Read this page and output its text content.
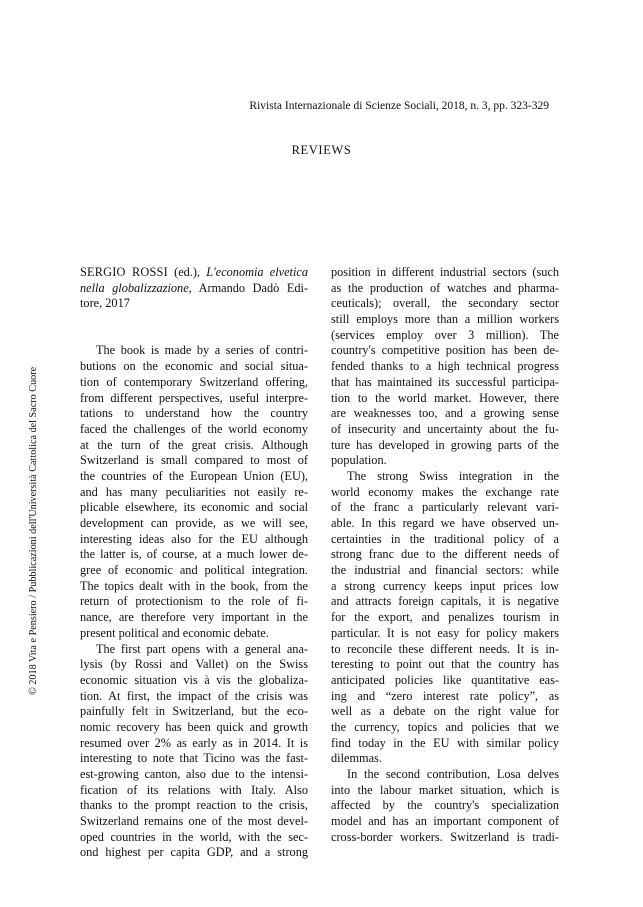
Rivista Internazionale di Scienze Sociali, 2018, n. 3, pp. 323-329
REVIEWS
© 2018 Vita e Pensiero / Pubblicazioni dell'Università Cattolica del Sacro Cuore
SERGIO ROSSI (ed.), L'economia elvetica
nella globalizzazione, Armando Dadò Edi-
tore, 2017
The book is made by a series of contri-
butions on the economic and social situa-
tion of contemporary Switzerland offering,
from different perspectives, useful interpre-
tations to understand how the country
faced the challenges of the world economy
at the turn of the great crisis. Although
Switzerland is small compared to most of
the countries of the European Union (EU),
and has many peculiarities not easily re-
plicable elsewhere, its economic and social
development can provide, as we will see,
interesting ideas also for the EU although
the latter is, of course, at a much lower de-
gree of economic and political integration.
The topics dealt with in the book, from the
return of protectionism to the role of fi-
nance, are therefore very important in the
present political and economic debate.
The first part opens with a general ana-
lysis (by Rossi and Vallet) on the Swiss
economic situation vis à vis the globaliza-
tion. At first, the impact of the crisis was
painfully felt in Switzerland, but the eco-
nomic recovery has been quick and growth
resumed over 2% as early as in 2014. It is
interesting to note that Ticino was the fast-
est-growing canton, also due to the intensi-
fication of its relations with Italy. Also
thanks to the prompt reaction to the crisis,
Switzerland remains one of the most devel-
oped countries in the world, with the sec-
ond highest per capita GDP, and a strong
position in different industrial sectors (such
as the production of watches and pharma-
ceuticals); overall, the secondary sector
still employs more than a million workers
(services employ over 3 million). The
country's competitive position has been de-
fended thanks to a high technical progress
that has maintained its successful participa-
tion to the world market. However, there
are weaknesses too, and a growing sense
of insecurity and uncertainty about the fu-
ture has developed in growing parts of the
population.
The strong Swiss integration in the
world economy makes the exchange rate
of the franc a particularly relevant vari-
able. In this regard we have observed un-
certainties in the traditional policy of a
strong franc due to the different needs of
the industrial and financial sectors: while
a strong currency keeps input prices low
and attracts foreign capitals, it is negative
for the export, and penalizes tourism in
particular. It is not easy for policy makers
to reconcile these different needs. It is in-
teresting to point out that the country has
anticipated policies like quantitative eas-
ing and “zero interest rate policy”, as
well as a debate on the right value for
the currency, topics and policies that we
find today in the EU with similar policy
dilemmas.
In the second contribution, Losa delves
into the labour market situation, which is
affected by the country's specialization
model and has an important component of
cross-border workers. Switzerland is tradi-
